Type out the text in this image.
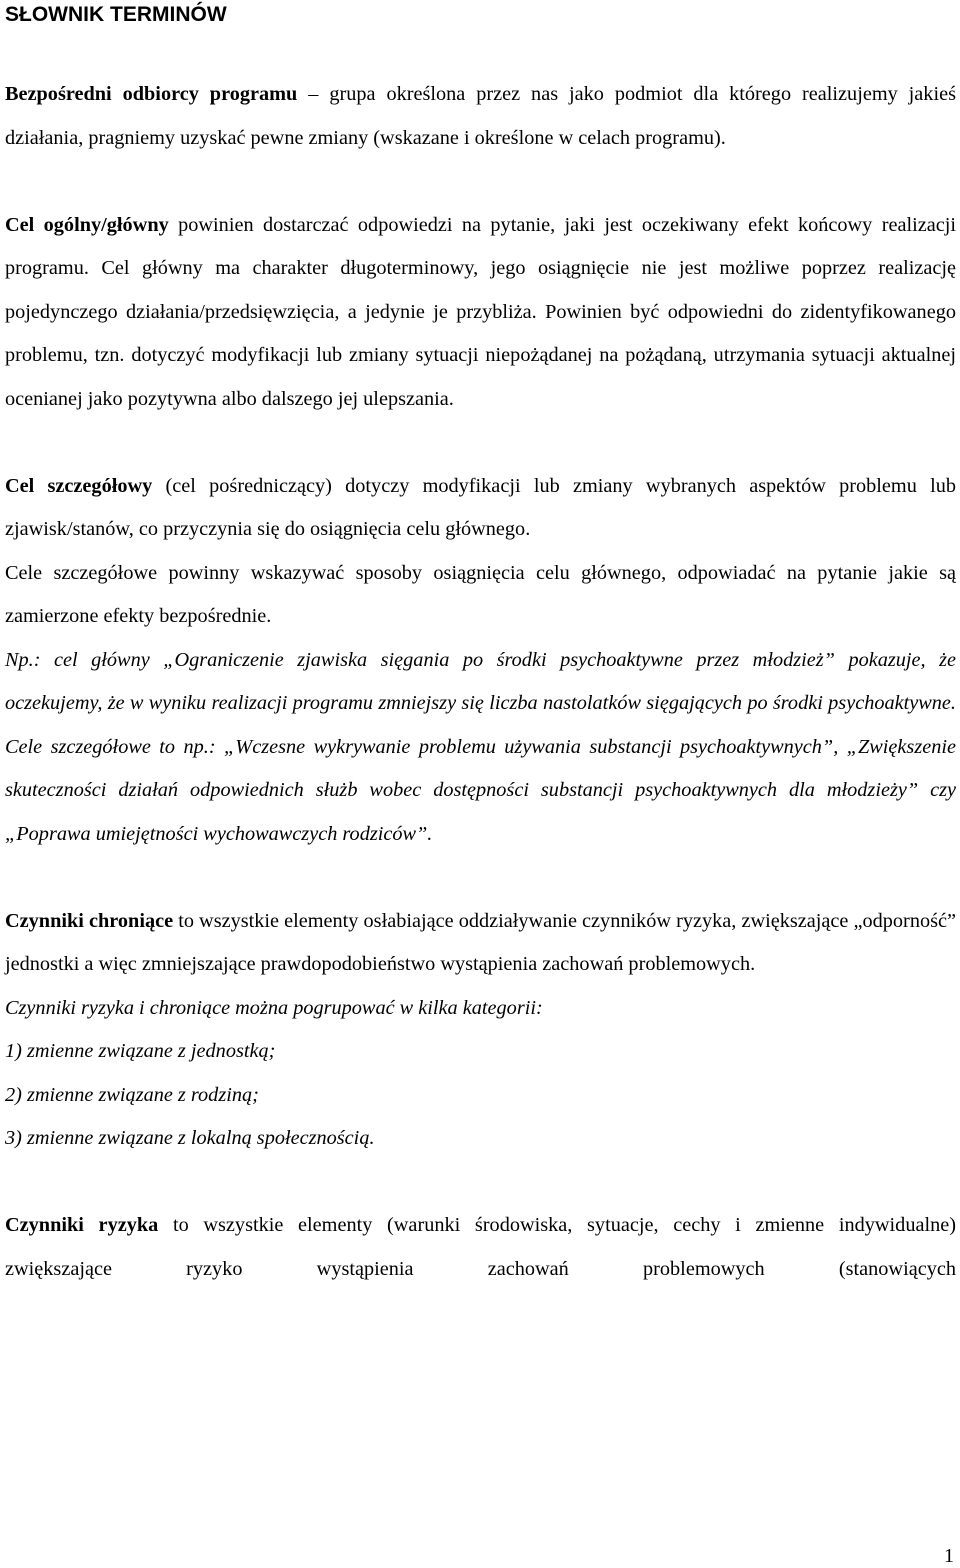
SŁOWNIK TERMINÓW

Bezpośredni odbiorcy programu – grupa określona przez nas jako podmiot dla którego realizujemy jakieś działania, pragniemy uzyskać pewne zmiany (wskazane i określone w celach programu).

Cel ogólny/główny powinien dostarczać odpowiedzi na pytanie, jaki jest oczekiwany efekt końcowy realizacji programu. Cel główny ma charakter długoterminowy, jego osiągnięcie nie jest możliwe poprzez realizację pojedynczego działania/przedsięwzięcia, a jedynie je przybliża. Powinien być odpowiedni do zidentyfikowanego problemu, tzn. dotyczyć modyfikacji lub zmiany sytuacji niepożądanej na pożądaną, utrzymania sytuacji aktualnej ocenianej jako pozytywna albo dalszego jej ulepszania.

Cel szczegółowy (cel pośredniczący) dotyczy modyfikacji lub zmiany wybranych aspektów problemu lub zjawisk/stanów, co przyczynia się do osiągnięcia celu głównego.

Cele szczegółowe powinny wskazywać sposoby osiągnięcia celu głównego, odpowiadać na pytanie jakie są zamierzone efekty bezpośrednie.

Np.: cel główny „Ograniczenie zjawiska sięgania po środki psychoaktywne przez młodzież” pokazuje, że oczekujemy, że w wyniku realizacji programu zmniejszy się liczba nastolatków sięgających po środki psychoaktywne. Cele szczegółowe to np.: „Wczesne wykrywanie problemu używania substancji psychoaktywnych”, „Zwiększenie skuteczności działań odpowiednich służb wobec dostępności substancji psychoaktywnych dla młodzieży” czy „Poprawa umiejętności wychowawczych rodziców”.

Czynniki chroniące to wszystkie elementy osłabiające oddziaływanie czynników ryzyka, zwiększające „odporność” jednostki a więc zmniejszające prawdopodobieństwo wystąpienia zachowań problemowych.

Czynniki ryzyka i chroniące można pogrupować w kilka kategorii:

1) zmienne związane z jednostką;

2) zmienne związane z rodziną;

3) zmienne związane z lokalną społecznością.

Czynniki ryzyka to wszystkie elementy (warunki środowiska, sytuacje, cechy i zmienne indywidualne) zwiększające ryzyko wystąpienia zachowań problemowych (stanowiących

1
